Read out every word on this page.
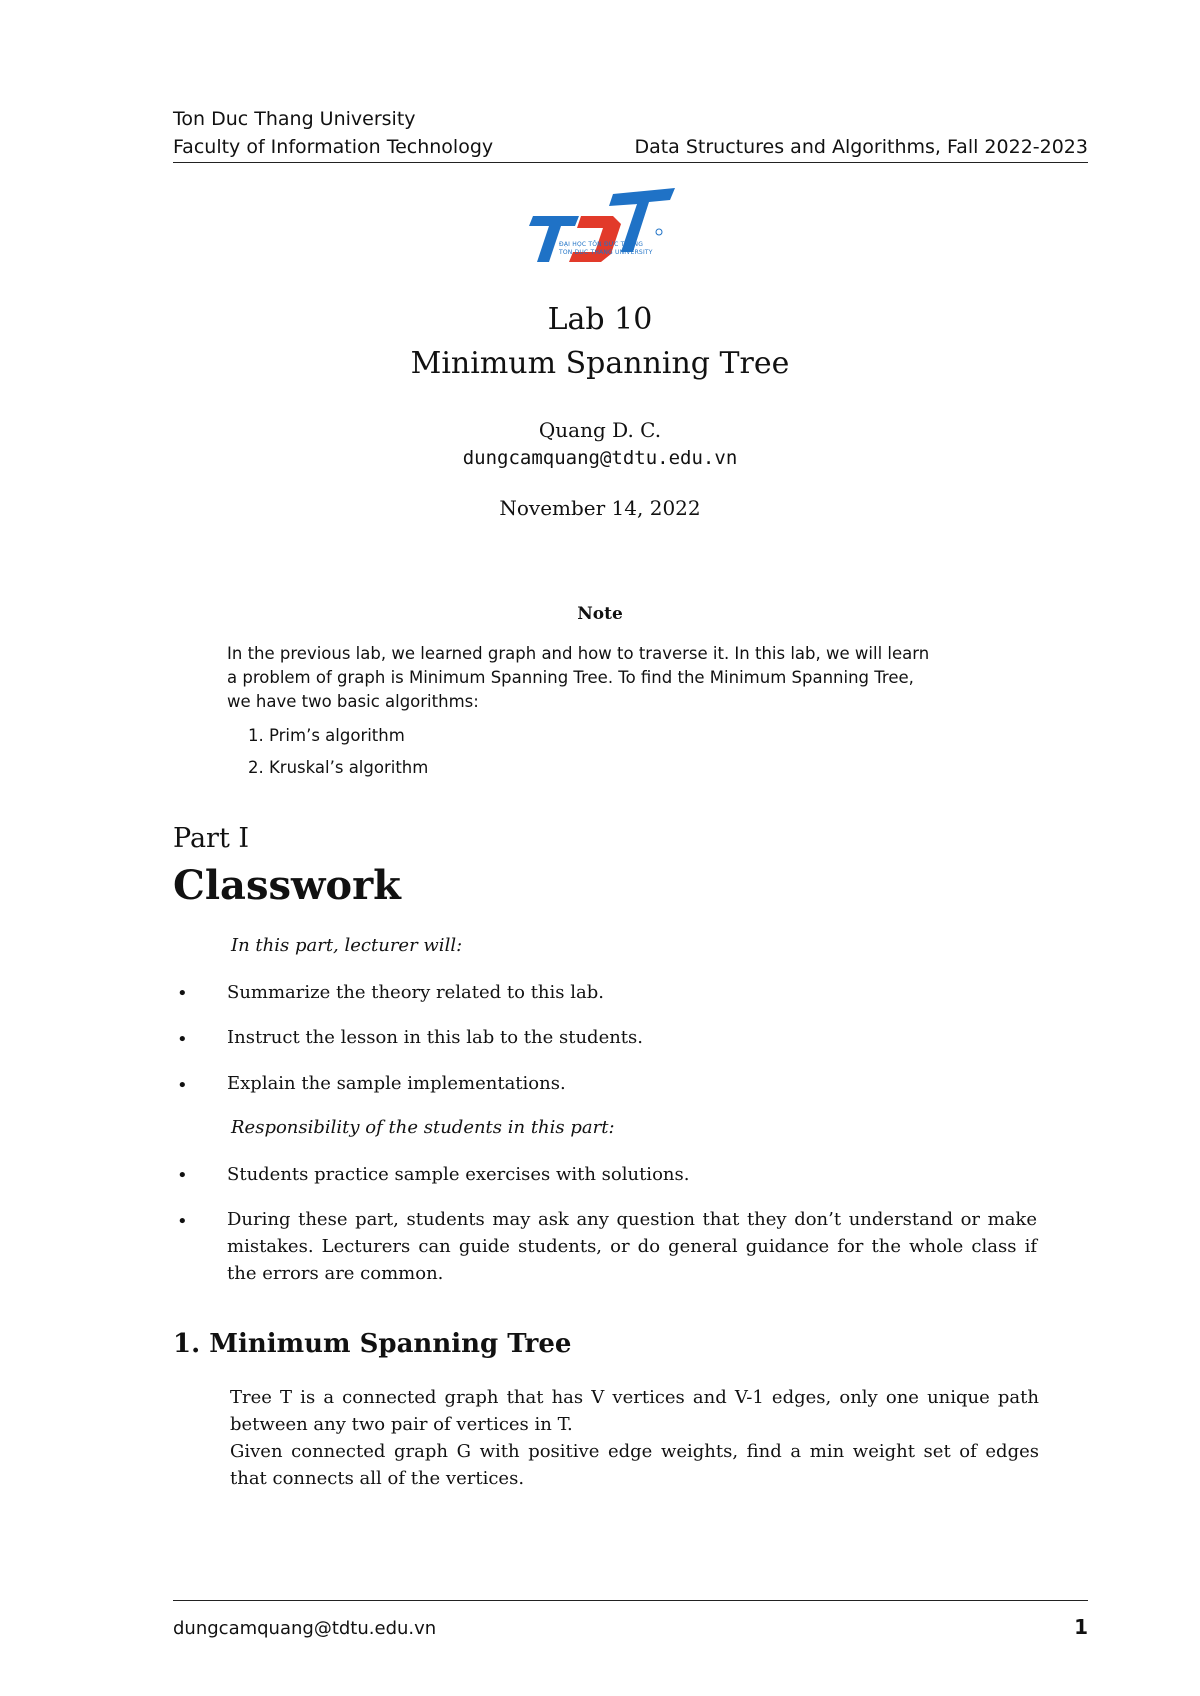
Ton Duc Thang University
Faculty of Information Technology	Data Structures and Algorithms, Fall 2022-2023
ĐẠI HỌC TÔN ĐỨC THẮNG
TON DUC THANG UNIVERSITY
Lab 10
Minimum Spanning Tree
Quang D. C.
dungcamquang@tdtu.edu.vn
November 14, 2022
Note
In the previous lab, we learned graph and how to traverse it. In this lab, we will learn
a problem of graph is Minimum Spanning Tree. To find the Minimum Spanning Tree,
we have two basic algorithms:
1. Prim’s algorithm
2. Kruskal’s algorithm
Part I
Classwork
In this part, lecturer will:
• Summarize the theory related to this lab.
• Instruct the lesson in this lab to the students.
• Explain the sample implementations.
Responsibility of the students in this part:
• Students practice sample exercises with solutions.
• During these part, students may ask any question that they don’t understand or make mistakes. Lecturers can guide students, or do general guidance for the whole class if the errors are common.
1. Minimum Spanning Tree
Tree T is a connected graph that has V vertices and V-1 edges, only one unique path between any two pair of vertices in T.
Given connected graph G with positive edge weights, find a min weight set of edges that connects all of the vertices.
dungcamquang@tdtu.edu.vn	1
